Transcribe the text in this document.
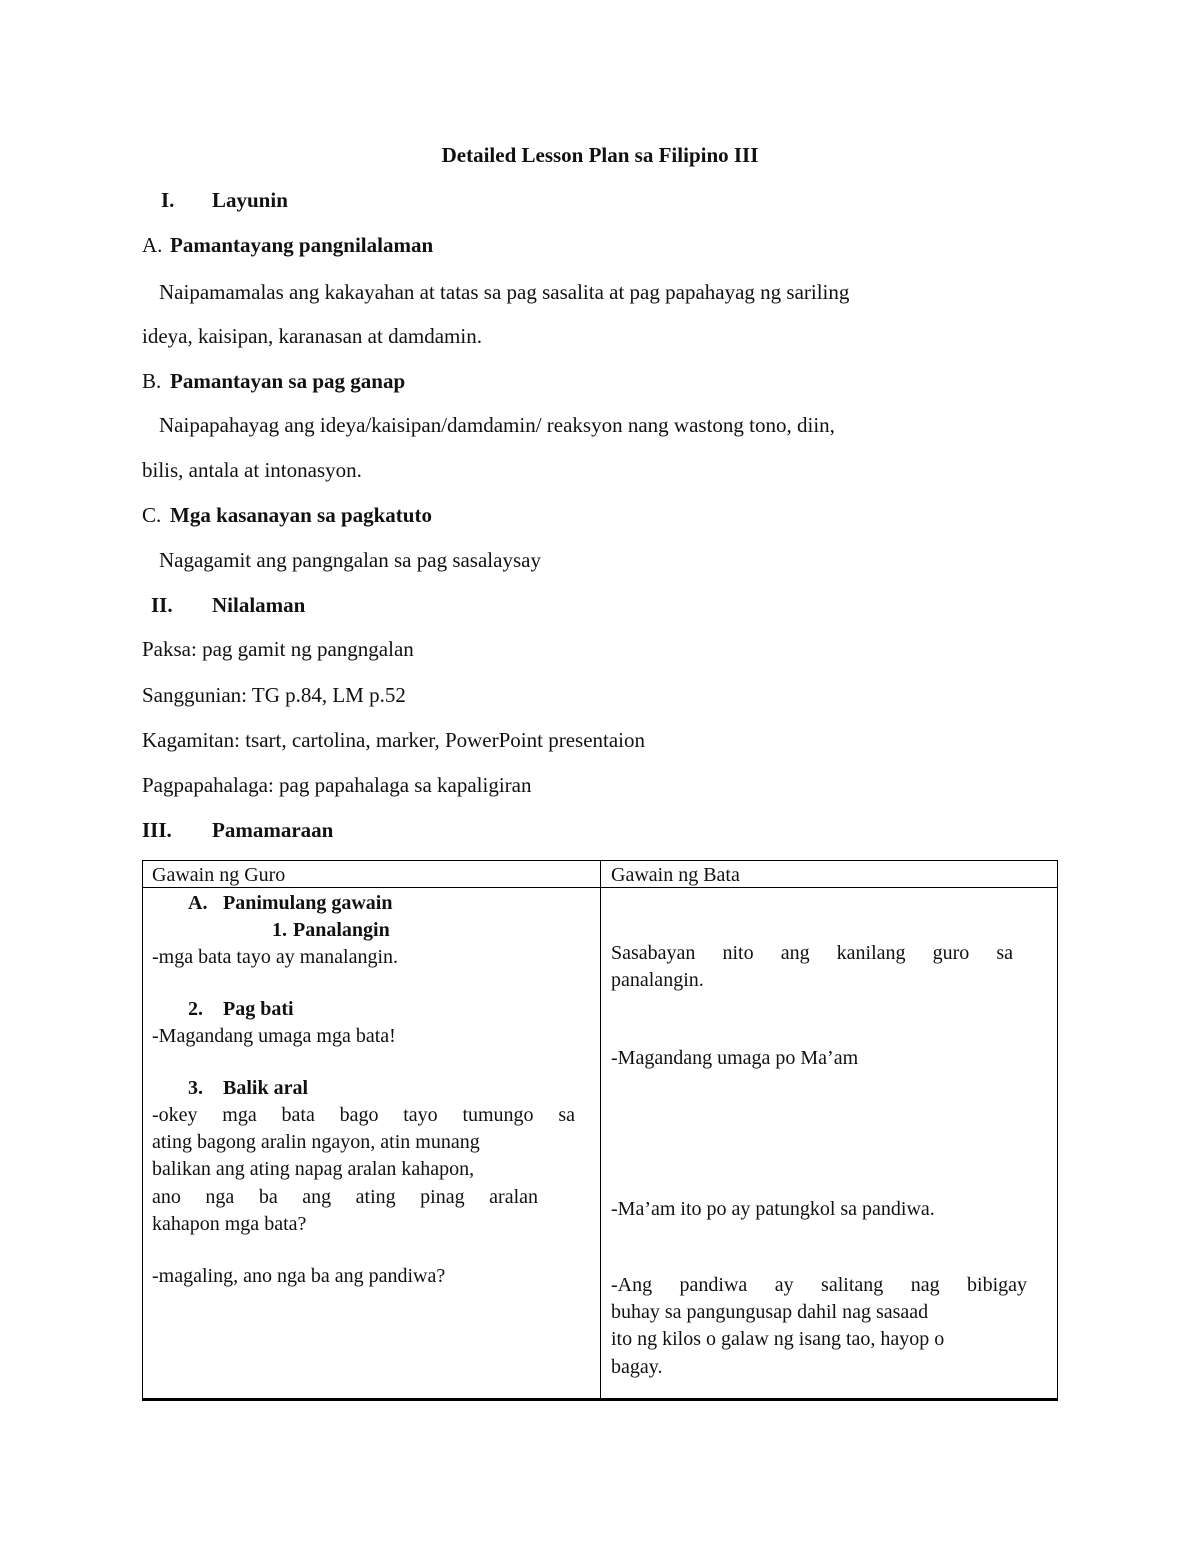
Detailed Lesson Plan sa Filipino III
I. Layunin
A. Pamantayang pangnilalaman
Naipamamalas ang kakayahan at tatas sa pag sasalita at pag papahayag ng sariling
ideya, kaisipan, karanasan at damdamin.
B. Pamantayan sa pag ganap
Naipapahayag ang ideya/kaisipan/damdamin/ reaksyon nang wastong tono, diin,
bilis, antala at intonasyon.
C. Mga kasanayan sa pagkatuto
Nagagamit ang pangngalan sa pag sasalaysay
II. Nilalaman
Paksa: pag gamit ng pangngalan
Sanggunian: TG p.84, LM p.52
Kagamitan: tsart, cartolina, marker, PowerPoint presentaion
Pagpapahalaga: pag papahalaga sa kapaligiran
III. Pamamaraan
Gawain ng Guro	Gawain ng Bata
A. Panimulang gawain
1. Panalangin
-mga bata tayo ay manalangin.
2. Pag bati
-Magandang umaga mga bata!
3. Balik aral
-okey mga bata bago tayo tumungo sa
ating bagong aralin ngayon, atin munang
balikan ang ating napag aralan kahapon,
ano nga ba ang ating pinag aralan
kahapon mga bata?
-magaling, ano nga ba ang pandiwa?
Sasabayan nito ang kanilang guro sa
panalangin.
-Magandang umaga po Ma’am
-Ma’am ito po ay patungkol sa pandiwa.
-Ang pandiwa ay salitang nag bibigay
buhay sa pangungusap dahil nag sasaad
ito ng kilos o galaw ng isang tao, hayop o
bagay.
